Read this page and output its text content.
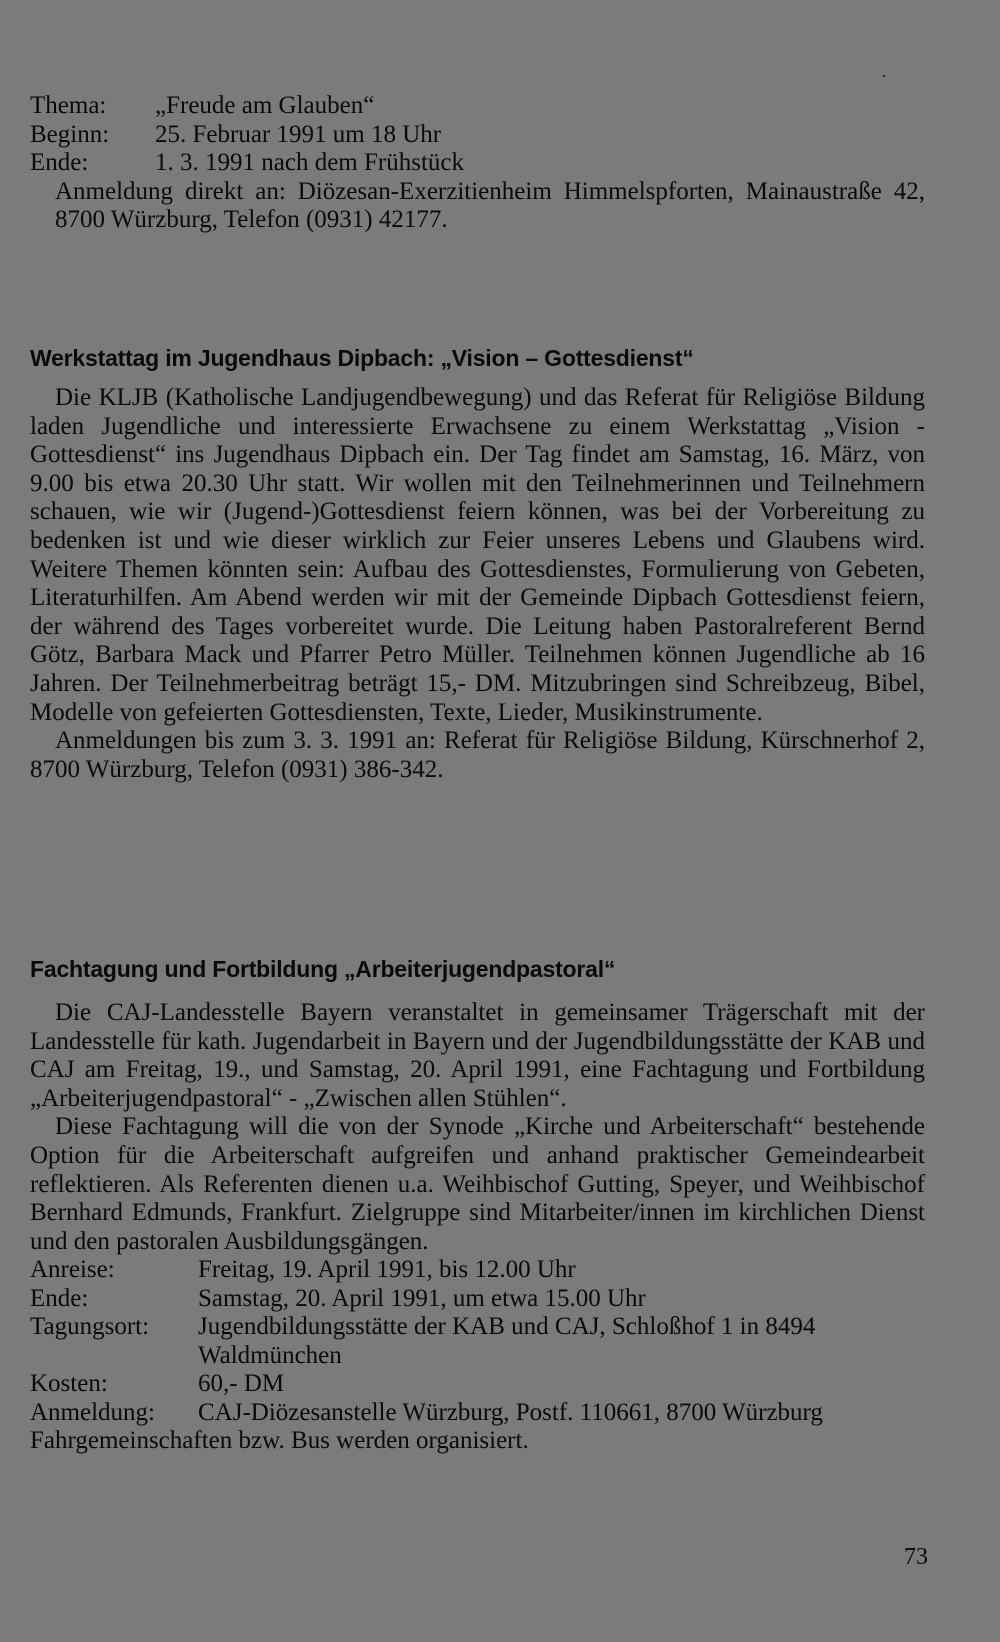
Thema: „Freude am Glauben“
Beginn: 25. Februar 1991 um 18 Uhr
Ende:	1. 3. 1991 nach dem Frühstück
Anmeldung direkt an: Diözesan-Exerzitienheim Himmelspforten, Mainaustraße 42, 8700 Würzburg, Telefon (0931) 42177.
Werkstattag im Jugendhaus Dipbach: „Vision – Gottesdienst“

Die KLJB (Katholische Landjugendbewegung) und das Referat für Religiöse Bildung laden Jugendliche und interessierte Erwachsene zu einem Werkstattag „Vision - Gottesdienst“ ins Jugendhaus Dipbach ein. Der Tag findet am Samstag, 16. März, von 9.00 bis etwa 20.30 Uhr statt. Wir wollen mit den Teilnehmerinnen und Teilnehmern schauen, wie wir (Jugend-)Gottesdienst feiern können, was bei der Vorbereitung zu bedenken ist und wie dieser wirklich zur Feier unseres Lebens und Glaubens wird. Weitere Themen könnten sein: Aufbau des Gottesdienstes, Formulierung von Gebeten, Literaturhilfen. Am Abend werden wir mit der Gemeinde Dipbach Gottesdienst feiern, der während des Tages vorbereitet wurde. Die Leitung haben Pastoralreferent Bernd Götz, Barbara Mack und Pfarrer Petro Müller. Teilnehmen können Jugendliche ab 16 Jahren. Der Teilnehmerbeitrag beträgt 15,- DM. Mitzubringen sind Schreibzeug, Bibel, Modelle von gefeierten Gottesdiensten, Texte, Lieder, Musikinstrumente.

Anmeldungen bis zum 3. 3. 1991 an: Referat für Religiöse Bildung, Kürschnerhof 2, 8700 Würzburg, Telefon (0931) 386-342.

Fachtagung und Fortbildung „Arbeiterjugendpastoral“

Die CAJ-Landesstelle Bayern veranstaltet in gemeinsamer Trägerschaft mit der Landesstelle für kath. Jugendarbeit in Bayern und der Jugendbildungsstätte der KAB und CAJ am Freitag, 19., und Samstag, 20. April 1991, eine Fachtagung und Fortbildung „Arbeiterjugendpastoral“ - „Zwischen allen Stühlen“.

Diese Fachtagung will die von der Synode „Kirche und Arbeiterschaft“ bestehende Option für die Arbeiterschaft aufgreifen und anhand praktischer Gemeindearbeit reflektieren. Als Referenten dienen u.a. Weihbischof Gutting, Speyer, und Weihbischof Bernhard Edmunds, Frankfurt. Zielgruppe sind Mitarbeiter/innen im kirchlichen Dienst und den pastoralen Ausbildungsgängen.

Anreise:	Freitag, 19. April 1991, bis 12.00 Uhr
Ende:	Samstag, 20. April 1991, um etwa 15.00 Uhr
Tagungsort:	Jugendbildungsstätte der KAB und CAJ, Schloßhof 1 in 8494 Waldmünchen
Kosten:	60,- DM
Anmeldung:	CAJ-Diözesanstelle Würzburg, Postf. 110661, 8700 Würzburg
Fahrgemeinschaften bzw. Bus werden organisiert.
73
